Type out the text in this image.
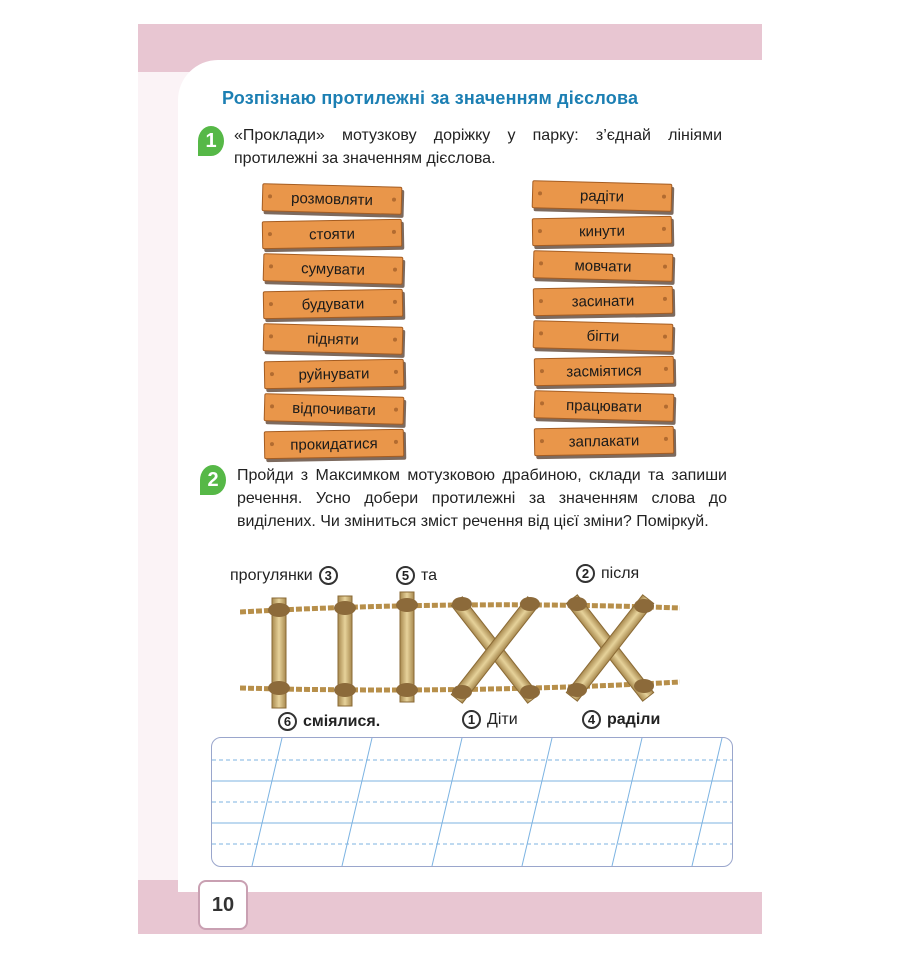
Розпізнаю протилежні за значенням дієслова
1	«Проклади» мотузкову доріжку у парку: з’єднай лініями протилежні за значенням дієслова.
розмовляти
стояти
сумувати
будувати
підняти
руйнувати
відпочивати
прокидатися
радіти
кинути
мовчати
засинати
бігти
засміятися
працювати
заплакати
2	Пройди з Максимком мотузковою драбиною, склади та запиши речення. Усно добери протилежні за значенням слова до виділених. Чи зміниться зміст речення від цієї зміни? Поміркуй.
прогулянки 3	5 та	2 після
6 сміялися.	1 Діти	4 раділи
10
